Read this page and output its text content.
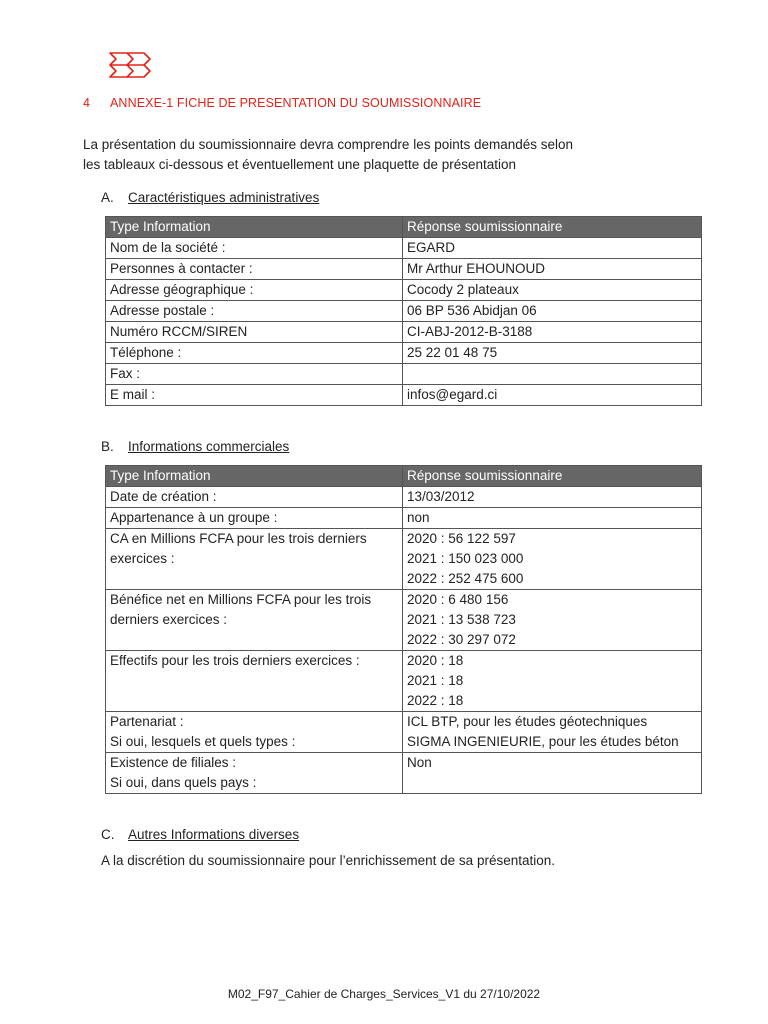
4 ANNEXE-1 FICHE DE PRESENTATION DU SOUMISSIONNAIRE
La présentation du soumissionnaire devra comprendre les points demandés selon
les tableaux ci-dessous et éventuellement une plaquette de présentation
A. Caractéristiques administratives
Type Information	Réponse soumissionnaire
Nom de la société :	EGARD
Personnes à contacter :	Mr Arthur EHOUNOUD
Adresse géographique :	Cocody 2 plateaux
Adresse postale :	06 BP 536 Abidjan 06
Numéro RCCM/SIREN	CI-ABJ-2012-B-3188
Téléphone :	25 22 01 48 75
Fax :	
E mail :	infos@egard.ci
B. Informations commerciales
Type Information	Réponse soumissionnaire

Date de création :	13/03/2012

Appartenance à un groupe :	non

CA en Millions FCFA pour les trois derniers
exercices :	2020 : 56 122 597
2021 : 150 023 000
2022 : 252 475 600

Bénéfice net en Millions FCFA pour les trois
derniers exercices :	2020 : 6 480 156
2021 : 13 538 723
2022 : 30 297 072

Effectifs pour les trois derniers exercices :	2020 : 18
2021 : 18
2022 : 18

Partenariat :
Si oui, lesquels et quels types :	ICL BTP, pour les études géotechniques
SIGMA INGENIEURIE, pour les études béton

Existence de filiales :
Si oui, dans quels pays :	Non
C. Autres Informations diverses
A la discrétion du soumissionnaire pour l’enrichissement de sa présentation.
M02_F97_Cahier de Charges_Services_V1 du 27/10/2022
